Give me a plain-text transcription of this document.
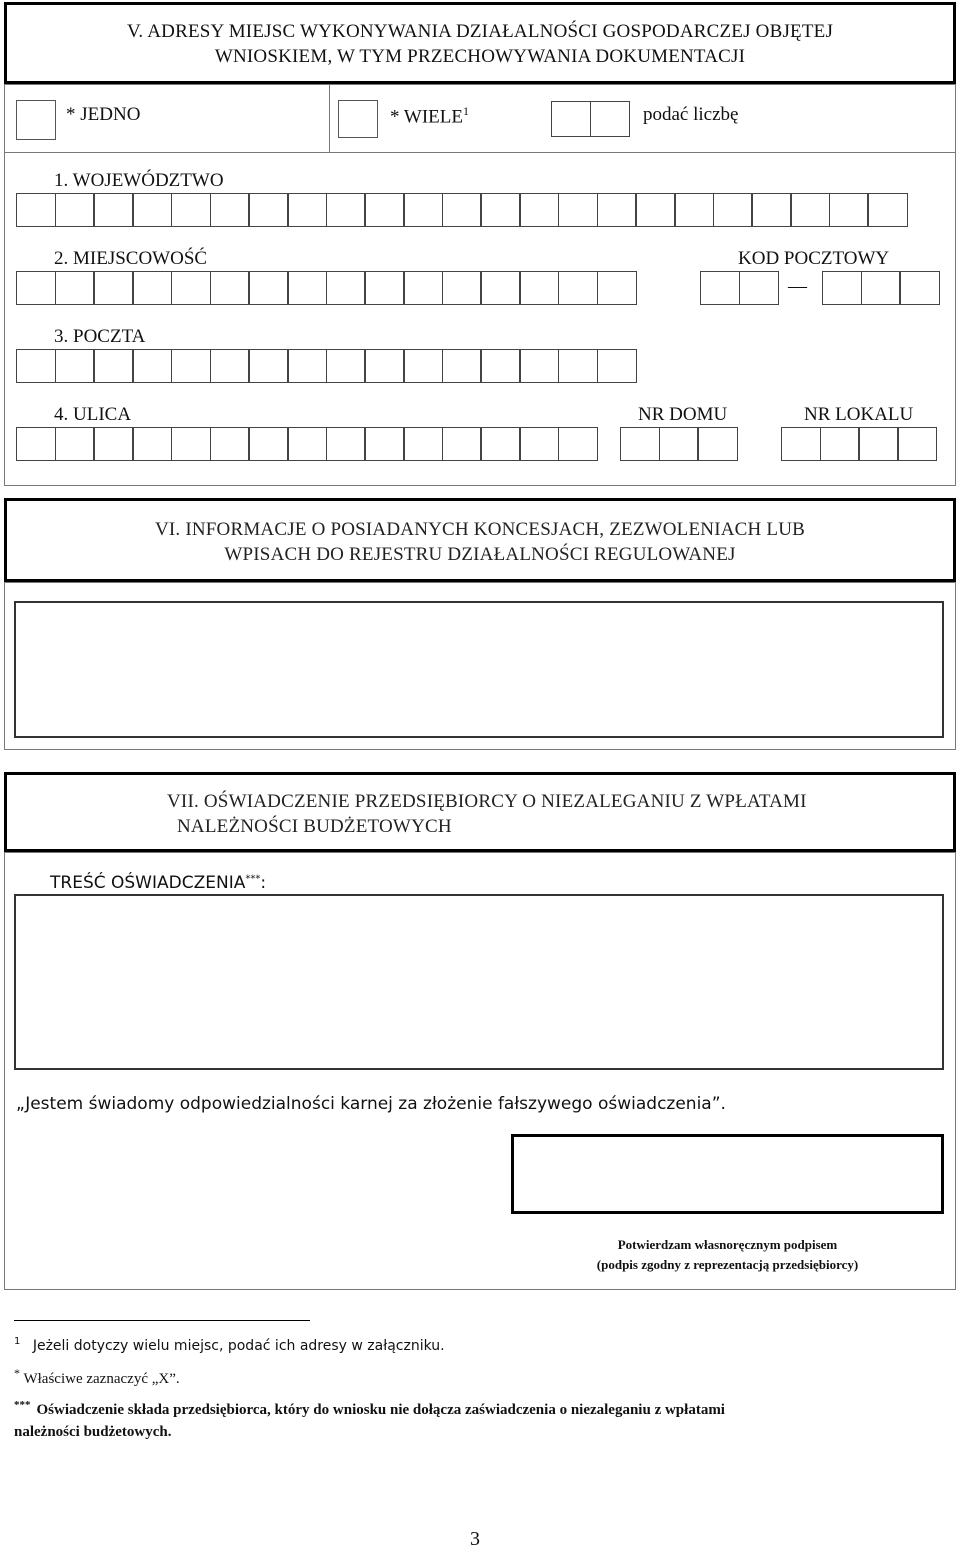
V. ADRESY MIEJSC WYKONYWANIA DZIAŁALNOŚCI GOSPODARCZEJ OBJĘTEJ
WNIOSKIEM, W TYM PRZECHOWYWANIA DOKUMENTACJI
* JEDNO	* WIELE$^1$	podać liczbę
1. WOJEWÓDZTWO
2. MIEJSCOWOŚĆ	KOD POCZTOWY
—
3. POCZTA
4. ULICA	NR DOMU	NR LOKALU
VI. INFORMACJE O POSIADANYCH KONCESJACH, ZEZWOLENIACH LUB
WPISACH DO REJESTRU DZIAŁALNOŚCI REGULOWANEJ
VII. OŚWIADCZENIE PRZEDSIĘBIORCY O NIEZALEGANIU Z WPŁATAMI
NALEŻNOŚCI BUDŻETOWYCH
TREŚĆ OŚWIADCZENIA***:
„Jestem świadomy odpowiedzialności karnej za złożenie fałszywego oświadczenia”.
Potwierdzam własnoręcznym podpisem
(podpis zgodny z reprezentacją przedsiębiorcy)
$^1$ Jeżeli dotyczy wielu miejsc, podać ich adresy w załączniku.
* Właściwe zaznaczyć „X”.
*** Oświadczenie składa przedsiębiorca, który do wniosku nie dołącza zaświadczenia o niezaleganiu z wpłatami
należności budżetowych.
3
